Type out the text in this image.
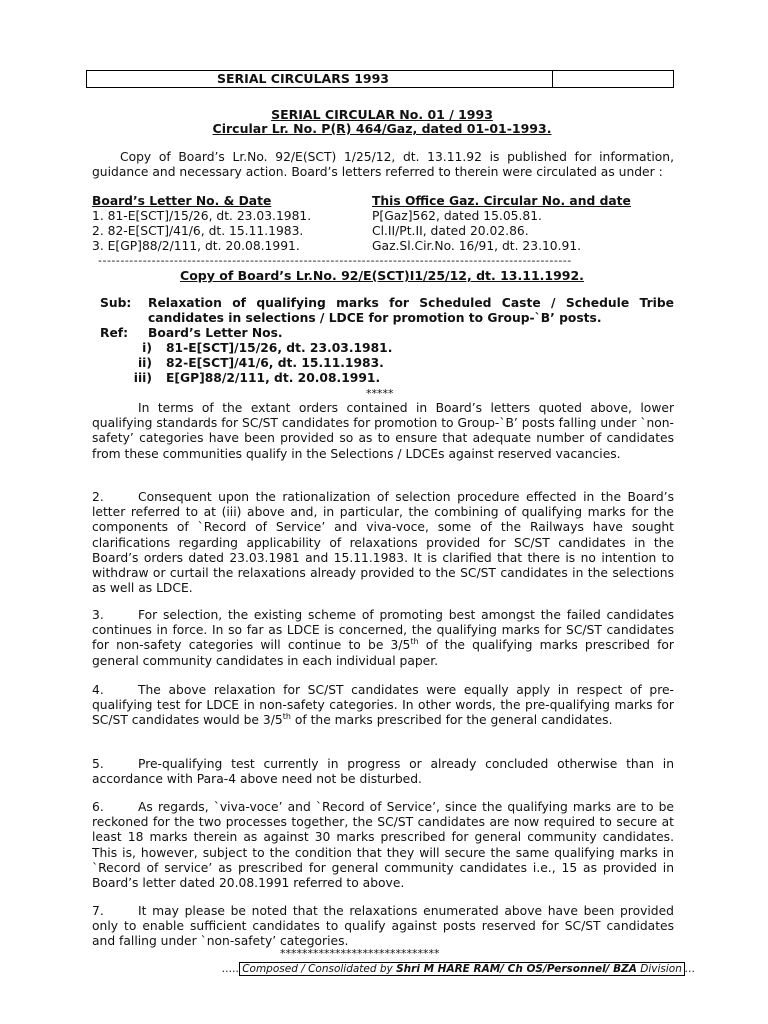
SERIAL CIRCULARS 1993
SERIAL CIRCULAR No. 01 / 1993
Circular Lr. No. P(R) 464/Gaz, dated 01-01-1993.
Copy of Board’s Lr.No. 92/E(SCT) 1/25/12, dt. 13.11.92 is published for information, guidance and necessary action. Board’s letters referred to therein were circulated as under :
Board’s Letter No. & Date	This Office Gaz. Circular No. and date
1. 81-E[SCT]/15/26, dt. 23.03.1981.	P[Gaz]562, dated 15.05.81.
2. 82-E[SCT]/41/6, dt. 15.11.1983.	Cl.II/Pt.II, dated 20.02.86.
3. E[GP]88/2/111, dt. 20.08.1991.	Gaz.Sl.Cir.No. 16/91, dt. 23.10.91.
----------------------------------------------------------------------------------------------------------
Copy of Board’s Lr.No. 92/E(SCT)I1/25/12, dt. 13.11.1992.
Sub:	Relaxation of qualifying marks for Scheduled Caste / Schedule Tribe candidates in selections / LDCE for promotion to Group-`B’ posts.
Ref:	Board’s Letter Nos.
i)	81-E[SCT]/15/26, dt. 23.03.1981.
ii)	82-E[SCT]/41/6, dt. 15.11.1983.
iii)	E[GP]88/2/111, dt. 20.08.1991.
*****
In terms of the extant orders contained in Board’s letters quoted above, lower qualifying standards for SC/ST candidates for promotion to Group-`B’ posts falling under `non-safety’ categories have been provided so as to ensure that adequate number of candidates from these communities qualify in the Selections / LDCEs against reserved vacancies.
2.	Consequent upon the rationalization of selection procedure effected in the Board’s letter referred to at (iii) above and, in particular, the combining of qualifying marks for the components of `Record of Service’ and viva-voce, some of the Railways have sought clarifications regarding applicability of relaxations provided for SC/ST candidates in the Board’s orders dated 23.03.1981 and 15.11.1983. It is clarified that there is no intention to withdraw or curtail the relaxations already provided to the SC/ST candidates in the selections as well as LDCE.
3.	For selection, the existing scheme of promoting best amongst the failed candidates continues in force. In so far as LDCE is concerned, the qualifying marks for SC/ST candidates for non-safety categories will continue to be 3/5th of the qualifying marks prescribed for general community candidates in each individual paper.
4.	The above relaxation for SC/ST candidates were equally apply in respect of pre-qualifying test for LDCE in non-safety categories. In other words, the pre-qualifying marks for SC/ST candidates would be 3/5th of the marks prescribed for the general candidates.
5.	Pre-qualifying test currently in progress or already concluded otherwise than in accordance with Para-4 above need not be disturbed.
6.	As regards, `viva-voce’ and `Record of Service’, since the qualifying marks are to be reckoned for the two processes together, the SC/ST candidates are now required to secure at least 18 marks therein as against 30 marks prescribed for general community candidates. This is, however, subject to the condition that they will secure the same qualifying marks in `Record of service’ as prescribed for general community candidates i.e., 15 as provided in Board’s letter dated 20.08.1991 referred to above.
7.	It may please be noted that the relaxations enumerated above have been provided only to enable sufficient candidates to qualify against posts reserved for SC/ST candidates and falling under `non-safety’ categories.
*****************************
….. Composed / Consolidated by Shri M HARE RAM/ Ch OS/Personnel/ BZA Division …
